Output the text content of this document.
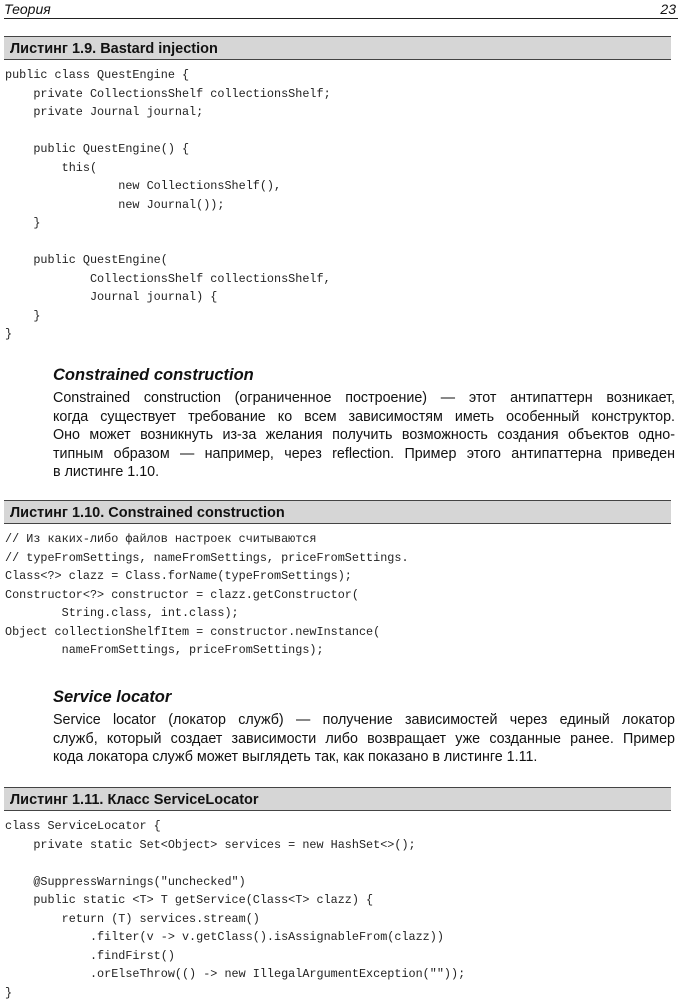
Теория	23
Листинг 1.9. Bastard injection
public class QuestEngine {
private CollectionsShelf collectionsShelf;
private Journal journal;

public QuestEngine() {
this(
new CollectionsShelf(),
new Journal());
}

public QuestEngine(
CollectionsShelf collectionsShelf,
Journal journal) {
}
}
Constrained construction
Constrained construction (ограниченное построение) — этот антипаттерн возникает,
когда существует требование ко всем зависимостям иметь особенный конструктор.
Оно может возникнуть из-за желания получить возможность создания объектов одно-
типным образом — например, через reflection. Пример этого антипаттерна приведен
в листинге 1.10.
Листинг 1.10. Constrained construction
// Из каких-либо файлов настроек считываются
// typeFromSettings, nameFromSettings, priceFromSettings.
Class<?> clazz = Class.forName(typeFromSettings);
Constructor<?> constructor = clazz.getConstructor(
String.class, int.class);
Object collectionShelfItem = constructor.newInstance(
nameFromSettings, priceFromSettings);
Service locator
Service locator (локатор служб) — получение зависимостей через единый локатор
служб, который создает зависимости либо возвращает уже созданные ранее. Пример
кода локатора служб может выглядеть так, как показано в листинге 1.11.
Листинг 1.11. Класс ServiceLocator
class ServiceLocator {
private static Set<Object> services = new HashSet<>();

@SuppressWarnings("unchecked")
public static <T> T getService(Class<T> clazz) {
return (T) services.stream()
.filter(v -> v.getClass().isAssignableFrom(clazz))
.findFirst()
.orElseThrow(() -> new IllegalArgumentException(""));
}
